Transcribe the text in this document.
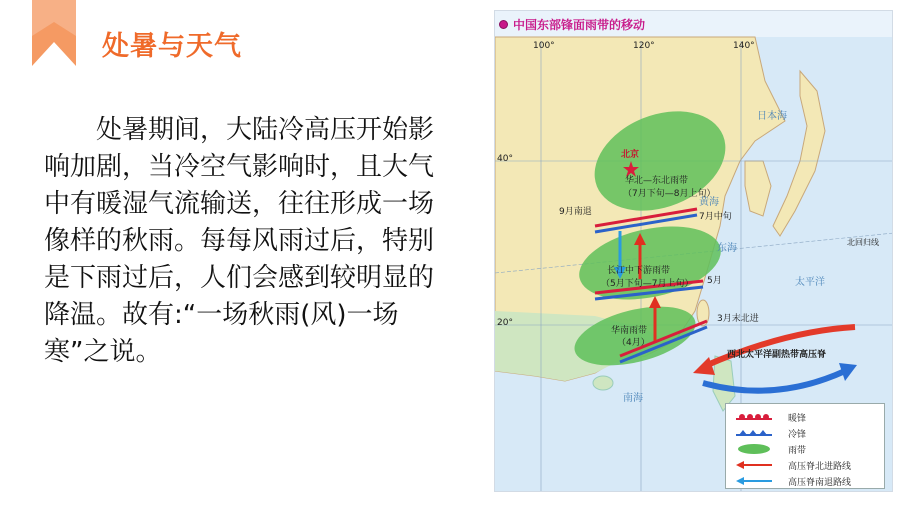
处暑与天气

处暑期间，大陆冷高压开始影响加剧，当冷空气影响时，且大气中有暖湿气流输送，往往形成一场像样的秋雨。每每风雨过后，特别是下雨过后，人们会感到较明显的降温。故有:“一场秋雨(风)一场寒”之说。

中国东部锋面雨带的移动
100°	120°	140°
40°
20°
北京
华北—东北雨带
（7月下旬—8月上旬）
长江中下游雨带
（5月下旬—7月上旬）
华南雨带
（4月）
9月南退	7月中旬
5月
3月末北进
西北太平洋副热带高压脊
黄海
东海
南海
日本海
太平洋
北回归线
暖锋
冷锋
雨带
高压脊北进路线
高压脊南退路线
